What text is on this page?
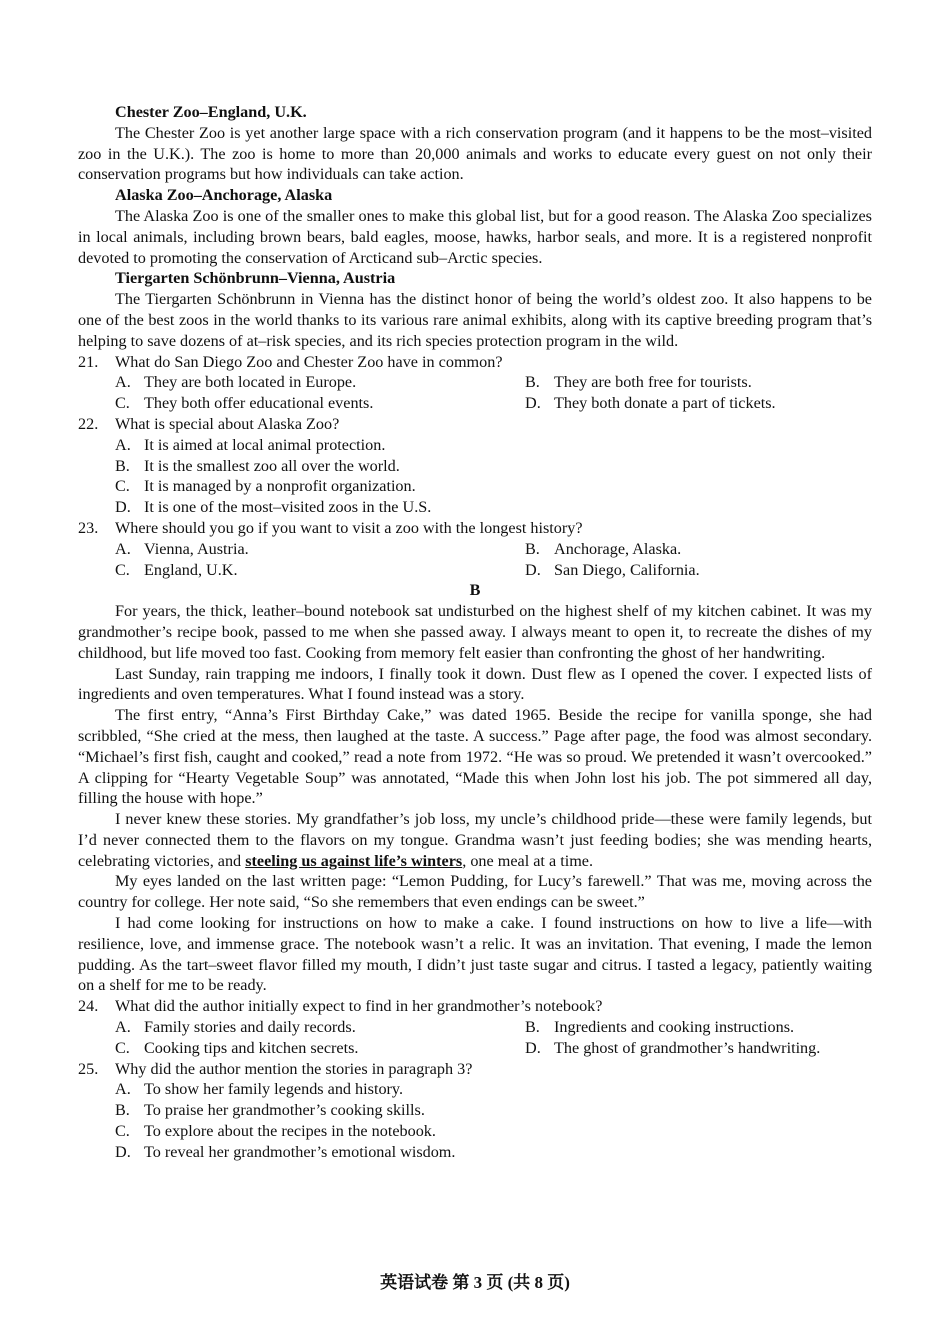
Chester Zoo–England, U.K.

The Chester Zoo is yet another large space with a rich conservation program (and it happens to be the most–visited zoo in the U.K.). The zoo is home to more than 20,000 animals and works to educate every guest on not only their conservation programs but how individuals can take action.

Alaska Zoo–Anchorage, Alaska

The Alaska Zoo is one of the smaller ones to make this global list, but for a good reason. The Alaska Zoo specializes in local animals, including brown bears, bald eagles, moose, hawks, harbor seals, and more. It is a registered nonprofit devoted to promoting the conservation of Arcticand sub–Arctic species.

Tiergarten Schönbrunn–Vienna, Austria

The Tiergarten Schönbrunn in Vienna has the distinct honor of being the world’s oldest zoo. It also happens to be one of the best zoos in the world thanks to its various rare animal exhibits, along with its captive breeding program that’s helping to save dozens of at–risk species, and its rich species protection program in the wild.

21.	What do San Diego Zoo and Chester Zoo have in common?
A. They are both located in Europe.	B. They are both free for tourists.
C. They both offer educational events.	D. They both donate a part of tickets.
22.	What is special about Alaska Zoo?
A. It is aimed at local animal protection.
B. It is the smallest zoo all over the world.
C. It is managed by a nonprofit organization.
D. It is one of the most–visited zoos in the U.S.
23.	Where should you go if you want to visit a zoo with the longest history?
A. Vienna, Austria.	B. Anchorage, Alaska.
C. England, U.K.	D. San Diego, California.
B

For years, the thick, leather–bound notebook sat undisturbed on the highest shelf of my kitchen cabinet. It was my grandmother’s recipe book, passed to me when she passed away. I always meant to open it, to recreate the dishes of my childhood, but life moved too fast. Cooking from memory felt easier than confronting the ghost of her handwriting.

Last Sunday, rain trapping me indoors, I finally took it down. Dust flew as I opened the cover. I expected lists of ingredients and oven temperatures. What I found instead was a story.

The first entry, “Anna’s First Birthday Cake,” was dated 1965. Beside the recipe for vanilla sponge, she had scribbled, “She cried at the mess, then laughed at the taste. A success.” Page after page, the food was almost secondary. “Michael’s first fish, caught and cooked,” read a note from 1972. “He was so proud. We pretended it wasn’t overcooked.” A clipping for “Hearty Vegetable Soup” was annotated, “Made this when John lost his job. The pot simmered all day, filling the house with hope.”

I never knew these stories. My grandfather’s job loss, my uncle’s childhood pride—these were family legends, but I’d never connected them to the flavors on my tongue. Grandma wasn’t just feeding bodies; she was mending hearts, celebrating victories, and steeling us against life’s winters, one meal at a time.

My eyes landed on the last written page: “Lemon Pudding, for Lucy’s farewell.” That was me, moving across the country for college. Her note said, “So she remembers that even endings can be sweet.”

I had come looking for instructions on how to make a cake. I found instructions on how to live a life—with resilience, love, and immense grace. The notebook wasn’t a relic. It was an invitation. That evening, I made the lemon pudding. As the tart–sweet flavor filled my mouth, I didn’t just taste sugar and citrus. I tasted a legacy, patiently waiting on a shelf for me to be ready.

24.	What did the author initially expect to find in her grandmother’s notebook?
A. Family stories and daily records.	B. Ingredients and cooking instructions.
C. Cooking tips and kitchen secrets.	D. The ghost of grandmother’s handwriting.
25.	Why did the author mention the stories in paragraph 3?
A. To show her family legends and history.
B. To praise her grandmother’s cooking skills.
C. To explore about the recipes in the notebook.
D. To reveal her grandmother’s emotional wisdom.
英语试卷 第 3 页 (共 8 页)
